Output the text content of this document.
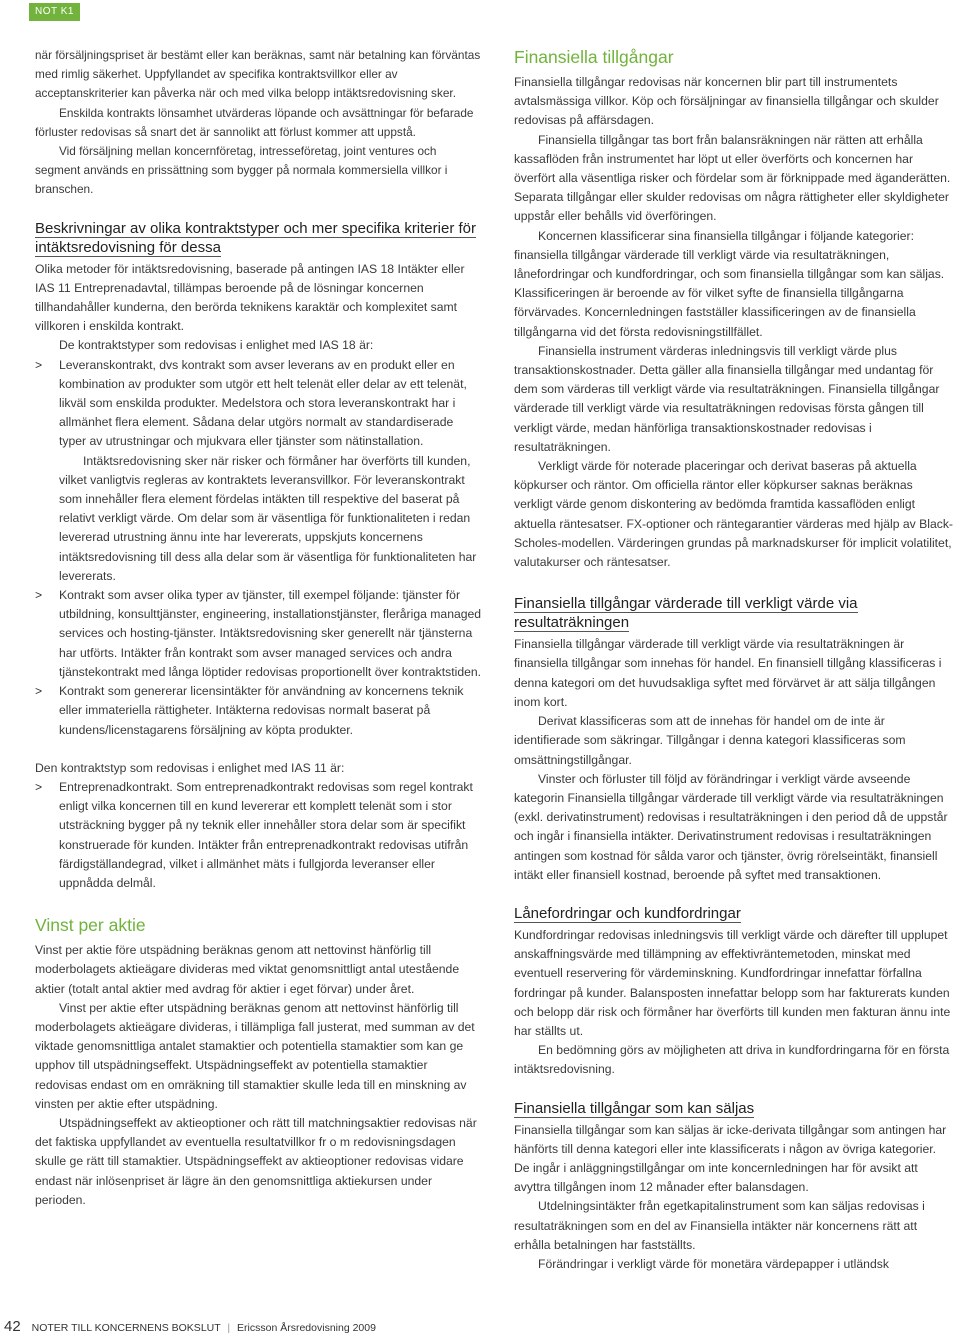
NOT K1

när försäljningspriset är bestämt eller kan beräknas, samt när betalning kan förväntas med rimlig säkerhet. Uppfyllandet av specifika kontraktsvillkor eller av acceptanskriterier kan påverka när och med vilka belopp intäktsredovisning sker.

Enskilda kontrakts lönsamhet utvärderas löpande och avsättningar för befarade förluster redovisas så snart det är sannolikt att förlust kommer att uppstå.

Vid försäljning mellan koncernföretag, intresseföretag, joint ventures och segment används en prissättning som bygger på normala kommersiella villkor i branschen.

Beskrivningar av olika kontraktstyper och mer specifika kriterier för intäktsredovisning för dessa

Olika metoder för intäktsredovisning, baserade på antingen IAS 18 Intäkter eller IAS 11 Entreprenadavtal, tillämpas beroende på de lösningar koncernen tillhandahåller kunderna, den berörda teknikens karaktär och komplexitet samt villkoren i enskilda kontrakt.

De kontraktstyper som redovisas i enlighet med IAS 18 är:

> Leveranskontrakt, dvs kontrakt som avser leverans av en produkt eller en kombination av produkter som utgör ett helt telenät eller delar av ett telenät, likväl som enskilda produkter. Medelstora och stora leveranskontrakt har i allmänhet flera element. Sådana delar utgörs normalt av standardiserade typer av utrustningar och mjukvara eller tjänster som nätinstallation.

Intäktsredovisning sker när risker och förmåner har överförts till kunden, vilket vanligtvis regleras av kontraktets leveransvillkor. För leveranskontrakt som innehåller flera element fördelas intäkten till respektive del baserat på relativt verkligt värde. Om delar som är väsentliga för funktionaliteten i redan levererad utrustning ännu inte har levererats, uppskjuts koncernens intäktsredovisning till dess alla delar som är väsentliga för funktionaliteten har levererats.

> Kontrakt som avser olika typer av tjänster, till exempel följande: tjänster för utbildning, konsulttjänster, engineering, installationstjänster, fleråriga managed services och hosting-tjänster. Intäktsredovisning sker generellt när tjänsterna har utförts. Intäkter från kontrakt som avser managed services och andra tjänstekontrakt med långa löptider redovisas proportionellt över kontraktstiden.
> Kontrakt som genererar licensintäkter för användning av koncernens teknik eller immateriella rättigheter. Intäkterna redovisas normalt baserat på kundens/licenstagarens försäljning av köpta produkter.

Den kontraktstyp som redovisas i enlighet med IAS 11 är:

> Entreprenadkontrakt. Som entreprenadkontrakt redovisas som regel kontrakt enligt vilka koncernen till en kund levererar ett komplett telenät som i stor utsträckning bygger på ny teknik eller innehåller stora delar som är specifikt konstruerade för kunden. Intäkter från entreprenadkontrakt redovisas utifrån färdigställandegrad, vilket i allmänhet mäts i fullgjorda leveranser eller uppnådda delmål.
Vinst per aktie

Vinst per aktie före utspädning beräknas genom att nettovinst hänförlig till moderbolagets aktieägare divideras med viktat genomsnittligt antal utestående aktier (totalt antal aktier med avdrag för aktier i eget förvar) under året.

Vinst per aktie efter utspädning beräknas genom att nettovinst hänförlig till moderbolagets aktieägare divideras, i tillämpliga fall justerat, med summan av det viktade genomsnittliga antalet stamaktier och potentiella stamaktier som kan ge upphov till utspädningseffekt. Utspädningseffekt av potentiella stamaktier redovisas endast om en omräkning till stamaktier skulle leda till en minskning av vinsten per aktie efter utspädning.

Utspädningseffekt av aktieoptioner och rätt till matchningsaktier redovisas när det faktiska uppfyllandet av eventuella resultatvillkor fr o m redovisningsdagen skulle ge rätt till stamaktier. Utspädningseffekt av aktieoptioner redovisas vidare endast när inlösenpriset är lägre än den genomsnittliga aktiekursen under perioden.

Finansiella tillgångar

Finansiella tillgångar redovisas när koncernen blir part till instrumentets avtalsmässiga villkor. Köp och försäljningar av finansiella tillgångar och skulder redovisas på affärsdagen.

Finansiella tillgångar tas bort från balansräkningen när rätten att erhålla kassaflöden från instrumentet har löpt ut eller överförts och koncernen har överfört alla väsentliga risker och fördelar som är förknippade med äganderätten. Separata tillgångar eller skulder redovisas om några rättigheter eller skyldigheter uppstår eller behålls vid överföringen.

Koncernen klassificerar sina finansiella tillgångar i följande kategorier: finansiella tillgångar värderade till verkligt värde via resultaträkningen, lånefordringar och kundfordringar, och som finansiella tillgångar som kan säljas. Klassificeringen är beroende av för vilket syfte de finansiella tillgångarna förvärvades. Koncernledningen fastställer klassificeringen av de finansiella tillgångarna vid det första redovisningstillfället.

Finansiella instrument värderas inledningsvis till verkligt värde plus transaktionskostnader. Detta gäller alla finansiella tillgångar med undantag för dem som värderas till verkligt värde via resultaträkningen. Finansiella tillgångar värderade till verkligt värde via resultaträkningen redovisas första gången till verkligt värde, medan hänförliga transaktionskostnader redovisas i resultaträkningen.

Verkligt värde för noterade placeringar och derivat baseras på aktuella köpkurser och räntor. Om officiella räntor eller köpkurser saknas beräknas verkligt värde genom diskontering av bedömda framtida kassaflöden enligt aktuella räntesatser. FX-optioner och räntegarantier värderas med hjälp av Black-Scholes-modellen. Värderingen grundas på marknadskurser för implicit volatilitet, valutakurser och räntesatser.

Finansiella tillgångar värderade till verkligt värde via resultaträkningen

Finansiella tillgångar värderade till verkligt värde via resultaträkningen är finansiella tillgångar som innehas för handel. En finansiell tillgång klassificeras i denna kategori om det huvudsakliga syftet med förvärvet är att sälja tillgången inom kort.

Derivat klassificeras som att de innehas för handel om de inte är identifierade som säkringar. Tillgångar i denna kategori klassificeras som omsättningstillgångar.

Vinster och förluster till följd av förändringar i verkligt värde avseende kategorin Finansiella tillgångar värderade till verkligt värde via resultaträkningen (exkl. derivatinstrument) redovisas i resultaträkningen i den period då de uppstår och ingår i finansiella intäkter. Derivatinstrument redovisas i resultaträkningen antingen som kostnad för sålda varor och tjänster, övrig rörelseintäkt, finansiell intäkt eller finansiell kostnad, beroende på syftet med transaktionen.

Lånefordringar och kundfordringar

Kundfordringar redovisas inledningsvis till verkligt värde och därefter till upplupet anskaffningsvärde med tillämpning av effektivräntemetoden, minskat med eventuell reservering för värdeminskning. Kundfordringar innefattar förfallna fordringar på kunder. Balansposten innefattar belopp som har fakturerats kunden och belopp där risk och förmåner har överförts till kunden men fakturan ännu inte har ställts ut.

En bedömning görs av möjligheten att driva in kundfordringarna för en första intäktsredovisning.

Finansiella tillgångar som kan säljas

Finansiella tillgångar som kan säljas är icke-derivata tillgångar som antingen har hänförts till denna kategori eller inte klassificerats i någon av övriga kategorier. De ingår i anläggningstillgångar om inte koncernledningen har för avsikt att avyttra tillgången inom 12 månader efter balansdagen.

Utdelningsintäkter från egetkapitalinstrument som kan säljas redovisas i resultaträkningen som en del av Finansiella intäkter när koncernens rätt att erhålla betalningen har fastställts.

Förändringar i verkligt värde för monetära värdepapper i utländsk

42 NOTER TILL KONCERNENS BOKSLUT | Ericsson Årsredovisning 2009
